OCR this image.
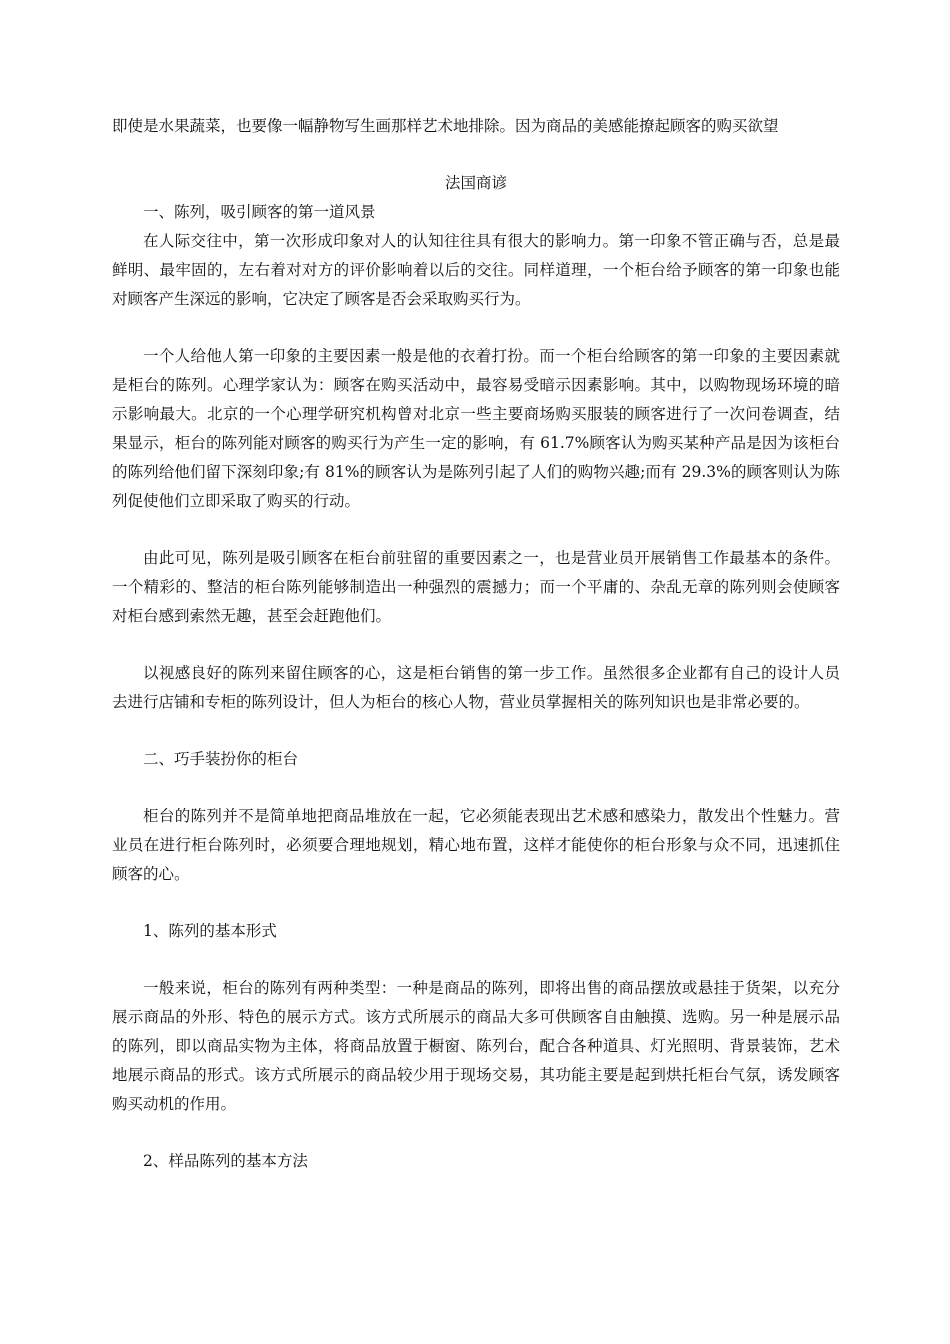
即使是水果蔬菜，也要像一幅静物写生画那样艺术地排除。因为商品的美感能撩起顾客的购买欲望

法国商谚

一、陈列，吸引顾客的第一道风景

在人际交往中，第一次形成印象对人的认知往往具有很大的影响力。第一印象不管正确与否，总是最鲜明、最牢固的，左右着对对方的评价影响着以后的交往。同样道理，一个柜台给予顾客的第一印象也能对顾客产生深远的影响，它决定了顾客是否会采取购买行为。

一个人给他人第一印象的主要因素一般是他的衣着打扮。而一个柜台给顾客的第一印象的主要因素就是柜台的陈列。心理学家认为：顾客在购买活动中，最容易受暗示因素影响。其中，以购物现场环境的暗示影响最大。北京的一个心理学研究机构曾对北京一些主要商场购买服装的顾客进行了一次问卷调查，结果显示，柜台的陈列能对顾客的购买行为产生一定的影响，有 61.7%顾客认为购买某种产品是因为该柜台的陈列给他们留下深刻印象;有 81%的顾客认为是陈列引起了人们的购物兴趣;而有 29.3%的顾客则认为陈列促使他们立即采取了购买的行动。

由此可见，陈列是吸引顾客在柜台前驻留的重要因素之一，也是营业员开展销售工作最基本的条件。一个精彩的、整洁的柜台陈列能够制造出一种强烈的震撼力；而一个平庸的、杂乱无章的陈列则会使顾客对柜台感到索然无趣，甚至会赶跑他们。

以视感良好的陈列来留住顾客的心，这是柜台销售的第一步工作。虽然很多企业都有自己的设计人员去进行店铺和专柜的陈列设计，但人为柜台的核心人物，营业员掌握相关的陈列知识也是非常必要的。

二、巧手装扮你的柜台

柜台的陈列并不是简单地把商品堆放在一起，它必须能表现出艺术感和感染力，散发出个性魅力。营业员在进行柜台陈列时，必须要合理地规划，精心地布置，这样才能使你的柜台形象与众不同，迅速抓住顾客的心。

1、陈列的基本形式

一般来说，柜台的陈列有两种类型：一种是商品的陈列，即将出售的商品摆放或悬挂于货架，以充分展示商品的外形、特色的展示方式。该方式所展示的商品大多可供顾客自由触摸、选购。另一种是展示品的陈列，即以商品实物为主体，将商品放置于橱窗、陈列台，配合各种道具、灯光照明、背景装饰，艺术地展示商品的形式。该方式所展示的商品较少用于现场交易，其功能主要是起到烘托柜台气氛，诱发顾客购买动机的作用。

2、样品陈列的基本方法
